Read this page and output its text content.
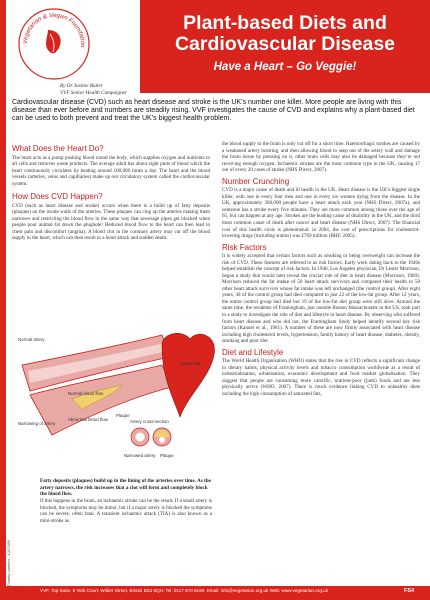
Vegetarian & Vegan Foundation
By Dr Justine Butler
VVF Senior Health Campaigner
Plant-based Diets and Cardiovascular Disease
Have a Heart – Go Veggie!
Cardiovascular disease (CVD) such as heart disease and stroke is the UK’s number one killer. More people are living with this disease than ever before and numbers are steadily rising. VVF investigates the cause of CVD and explains why a plant-based diet can be used to both prevent and treat the UK’s biggest health problem.
What Does the Heart Do?

The heart acts as a pump pushing blood round the body, which supplies oxygen and nutrients to all cells and removes waste products. The average adult has about eight pints of blood which the heart continuously circulates by beating around 100,000 times a day. The heart and the blood vessels (arteries, veins and capillaries) make up our circulatory system called the cardiovascular system.

How Does CVD Happen?

CVD (such as heart disease and stroke) occurs when there is a build up of fatty deposits (plaques) on the inside walls of the arteries. These plaques can clog up the arteries making them narrower and restricting the blood flow in the same way that sewerage pipes get blocked when people pour animal fat down the plughole! Reduced blood flow to the heart can then lead to chest pain and discomfort (angina). A blood clot in the coronary artery may cut off the blood supply to the heart, which can then result in a heart attack and sudden death.

Normal artery
Artery wall
Normal blood flow
Narrowing of artery
Abnormal blood flow
Plaque
Artery cross-section
Narrowed artery Plaque
Fatty deposits (plaques) build up in the lining of the arteries over time. As the artery narrows, the risk increases that a clot will form and completely block the blood flow.
If this happens in the brain, an ischaemic stroke can be the result. If a small artery is blocked, the symptoms may be minor, but if a major artery is blocked the symptoms can be severe, often fatal. A transient ischaemic attack (TIA) is also known as a mini-stroke as
Charity number : 1037486

the blood supply to the brain is only cut off for a short time. Haemorrhagic strokes are caused by a weakened artery bursting, and then allowing blood to seep out of the artery wall and damage the brain tissue by pressing on it, other brain cells may also be damaged because they’re not receiving enough oxygen. Ischaemic strokes are the most common type in the UK, causing 17 out of every 20 cases of stroke (NHS Direct, 2007).

Number Crunching

CVD is a major cause of death and ill health in the UK. Heart disease is the UK’s biggest single killer, with one in every four men and one in every six women dying from the disease. In the UK, approximately 300,000 people have a heart attack each year (NHS Direct, 2007a), and someone has a stroke every five minutes. They are more common among those over the age of 65, but can happen at any age. Strokes are the leading cause of disability in the UK, and the third most common cause of death after cancer and heart disease (NHS Direct, 2007). The financial cost of this health crisis is phenomenal; in 2004, the cost of prescriptions for cholesterol-lowering drugs (including statins) was £769 million (BHF, 2005).

Risk Factors

It is widely accepted that certain factors such as smoking or being overweight can increase the risk of CVD. These features are referred to as risk factors. Early work dating back to the 1940s helped establish the concept of risk factors. In 1946, Los Angeles physician, Dr Lester Morrison, began a study that would later reveal the crucial role of diet in heart disease (Morrison, 1960). Morrison reduced the fat intake of 50 heart attack survivors and compared their health to 50 other heart attack survivors whose fat intake was left unchanged (the control group). After eight years, 38 of the control group had died compared to just 22 of the low-fat group. After 12 years, the entire control group had died but 19 of the low-fat diet group were still alive. Around the same time, the residents of Framingham, just outside Boston Massachusetts in the US, took part in a study to investigate the role of diet and lifestyle in heart disease. By observing who suffered from heart disease and who did not, the Framingham Study helped identify several key risk factors (Kannel et al., 1961). A number of these are now firmly associated with heart disease including high cholesterol levels, hypertension, family history of heart disease, diabetes, obesity, smoking and poor diet.

Diet and Lifestyle

The World Health Organisation (WHO) states that the rise in CVD reflects a significant change in dietary habits, physical activity levels and tobacco consumption worldwide as a result of industrialisation, urbanisation, economic development and food market globalisation. They suggest that people are consuming more calorific, nutrient-poor (junk) foods and are less physically active (WHO, 2007). There is much evidence linking CVD to unhealthy diets including the high consumption of saturated fats,

VVF, Top Suite, 8 York Court, Wilder Street, Bristol BS2 8QH. Tel: 0117 970 5190. Email: info@vegetarian.org.uk Web: www.vegetarian.org.uk	FS4
